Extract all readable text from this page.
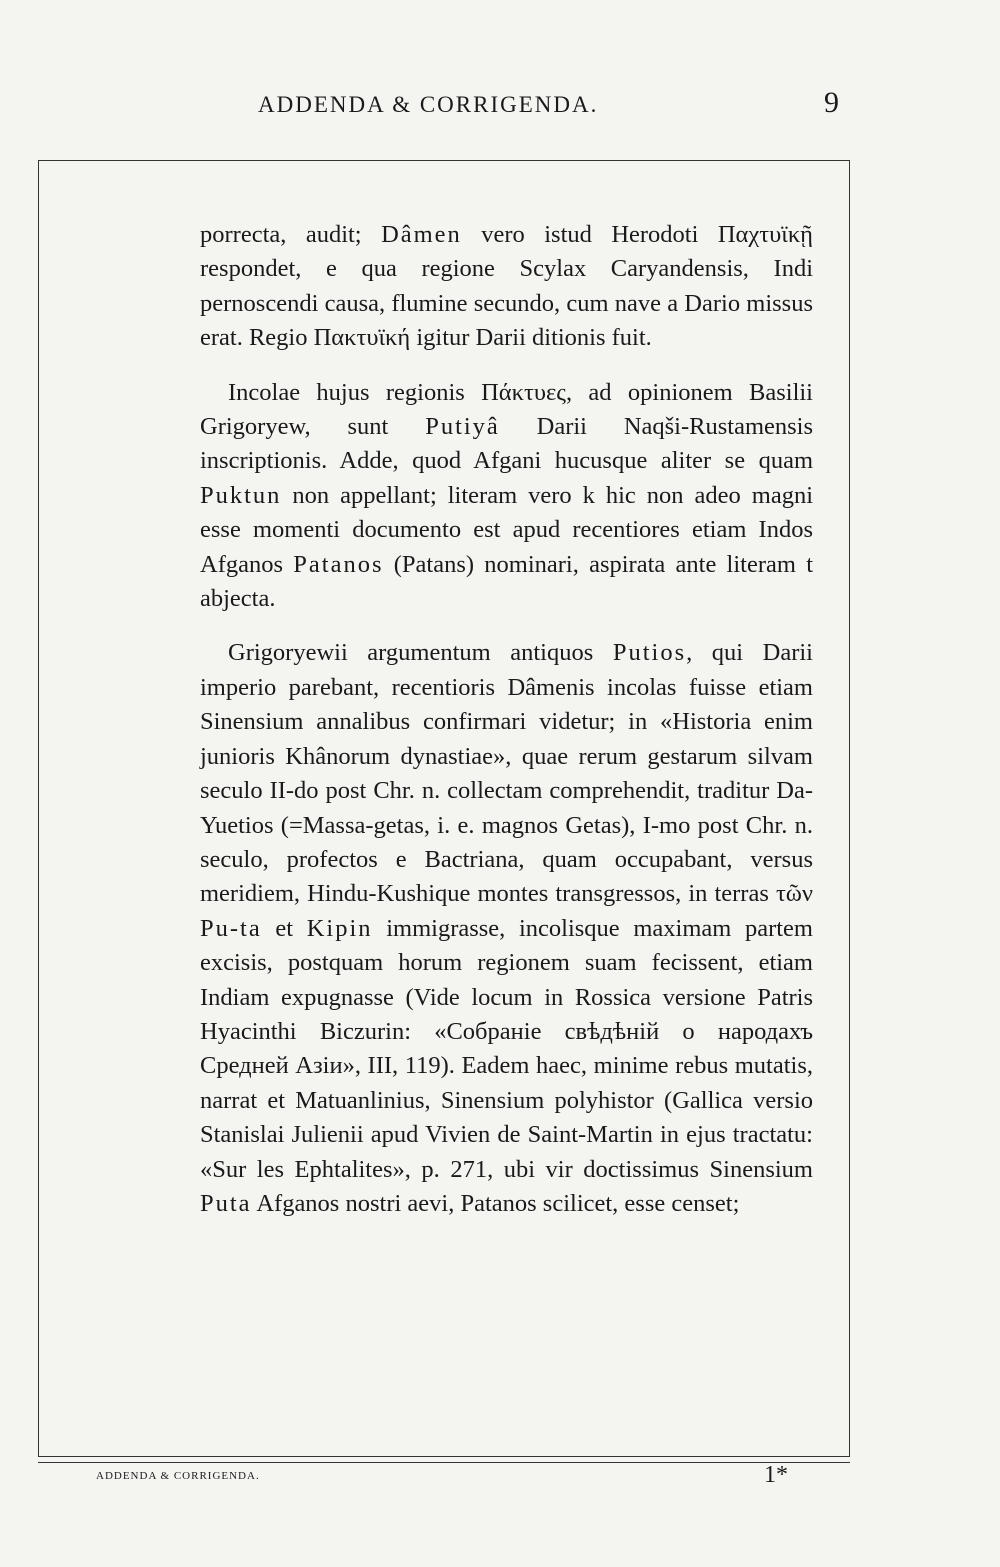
ADDENDA & CORRIGENDA.	9

porrecta, audit; Dâmen vero istud Herodoti Παχτυϊκῇ respondet, e qua regione Scylax Caryandensis, Indi pernoscendi causa, flumine secundo, cum nave a Dario missus erat. Regio Πακτυϊκή igitur Darii ditionis fuit.

Incolae hujus regionis Πάκτυες, ad opinionem Basilii Grigoryew, sunt Putiyâ Darii Naqši-Rustamensis inscriptionis. Adde, quod Afgani hucusque aliter se quam Puktun non appellant; literam vero k hic non adeo magni esse momenti documento est apud recentiores etiam Indos Afganos Patanos (Patans) nominari, aspirata ante literam t abjecta.

Grigoryewii argumentum antiquos Putios, qui Darii imperio parebant, recentioris Dâmenis incolas fuisse etiam Sinensium annalibus confirmari videtur; in «Historia enim junioris Khânorum dynastiae», quae rerum gestarum silvam seculo II-do post Chr. n. collectam comprehendit, traditur Da-Yuetios (=Massa-getas, i. e. magnos Getas), I-mo post Chr. n. seculo, profectos e Bactriana, quam occupabant, versus meridiem, Hindu-Kushique montes transgressos, in terras τῶν Pu-ta et Kipin immigrasse, incolisque maximam partem excisis, postquam horum regionem suam fecissent, etiam Indiam expugnasse (Vide locum in Rossica versione Patris Hyacinthi Biczurin: «Собранiе свѣдѣнiй о народахъ Средней Азiи», III, 119). Eadem haec, minime rebus mutatis, narrat et Matuanlinius, Sinensium polyhistor (Gallica versio Stanislai Julienii apud Vivien de Saint-Martin in ejus tractatu: «Sur les Ephtalites», p. 271, ubi vir doctissimus Sinensium Puta Afganos nostri aevi, Patanos scilicet, esse censet;

ADDENDA & CORRIGENDA.	1*
